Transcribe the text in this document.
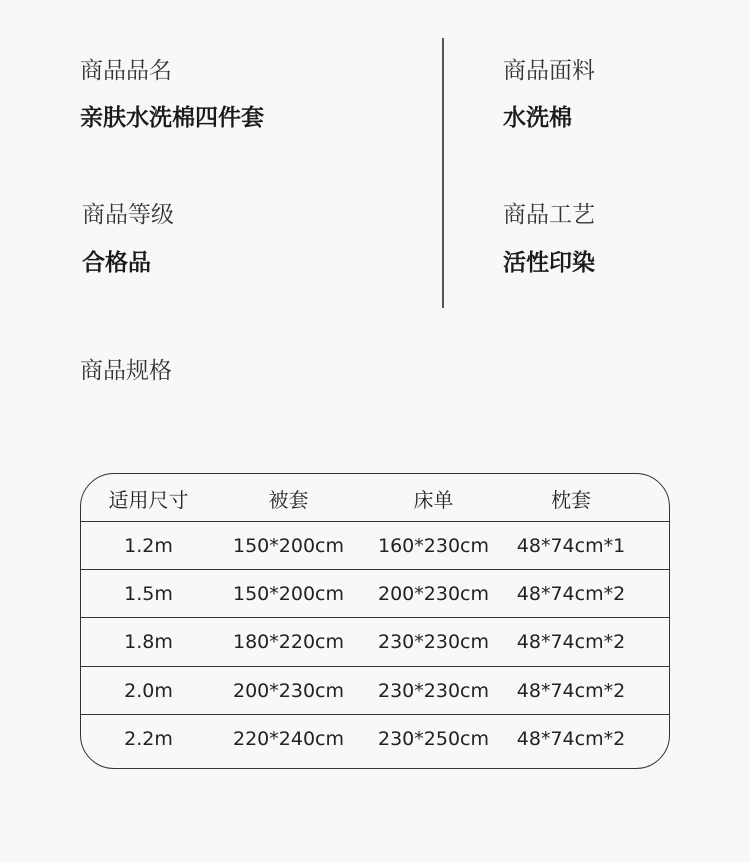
商品品名
亲肤水洗棉四件套
商品面料
水洗棉
商品等级
合格品
商品工艺
活性印染
商品规格
适用尺寸	被套	床单	枕套
1.2m	150*200cm	160*230cm	48*74cm*1
1.5m	150*200cm	200*230cm	48*74cm*2
1.8m	180*220cm	230*230cm	48*74cm*2
2.0m	200*230cm	230*230cm	48*74cm*2
2.2m	220*240cm	230*250cm	48*74cm*2
